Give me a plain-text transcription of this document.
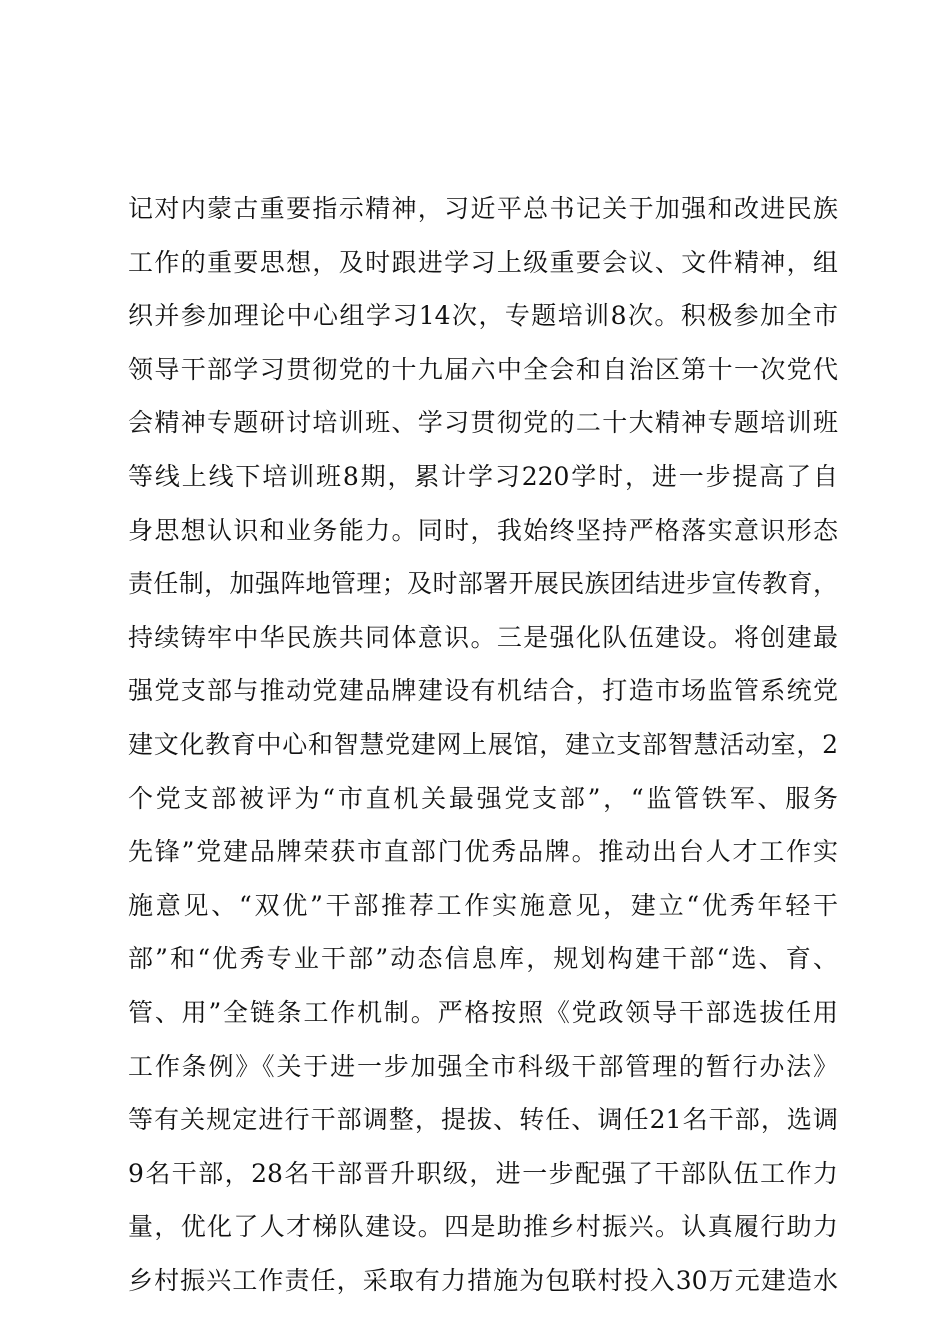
记对内蒙古重要指示精神，习近平总书记关于加强和改进民族
工作的重要思想，及时跟进学习上级重要会议、文件精神，组
织并参加理论中心组学习14次，专题培训8次。积极参加全市
领导干部学习贯彻党的十九届六中全会和自治区第十一次党代
会精神专题研讨培训班、学习贯彻党的二十大精神专题培训班
等线上线下培训班8期，累计学习220学时，进一步提高了自
身思想认识和业务能力。同时，我始终坚持严格落实意识形态
责任制，加强阵地管理；及时部署开展民族团结进步宣传教育，
持续铸牢中华民族共同体意识。三是强化队伍建设。将创建最
强党支部与推动党建品牌建设有机结合，打造市场监管系统党
建文化教育中心和智慧党建网上展馆，建立支部智慧活动室，2
个党支部被评为“市直机关最强党支部”，“监管铁军、服务
先锋”党建品牌荣获市直部门优秀品牌。推动出台人才工作实
施意见、“双优”干部推荐工作实施意见，建立“优秀年轻干
部”和“优秀专业干部”动态信息库，规划构建干部“选、育、
管、用”全链条工作机制。严格按照《党政领导干部选拔任用
工作条例》《关于进一步加强全市科级干部管理的暂行办法》
等有关规定进行干部调整，提拔、转任、调任21名干部，选调
9名干部，28名干部晋升职级，进一步配强了干部队伍工作力
量，优化了人才梯队建设。四是助推乡村振兴。认真履行助力
乡村振兴工作责任，采取有力措施为包联村投入30万元建造水
